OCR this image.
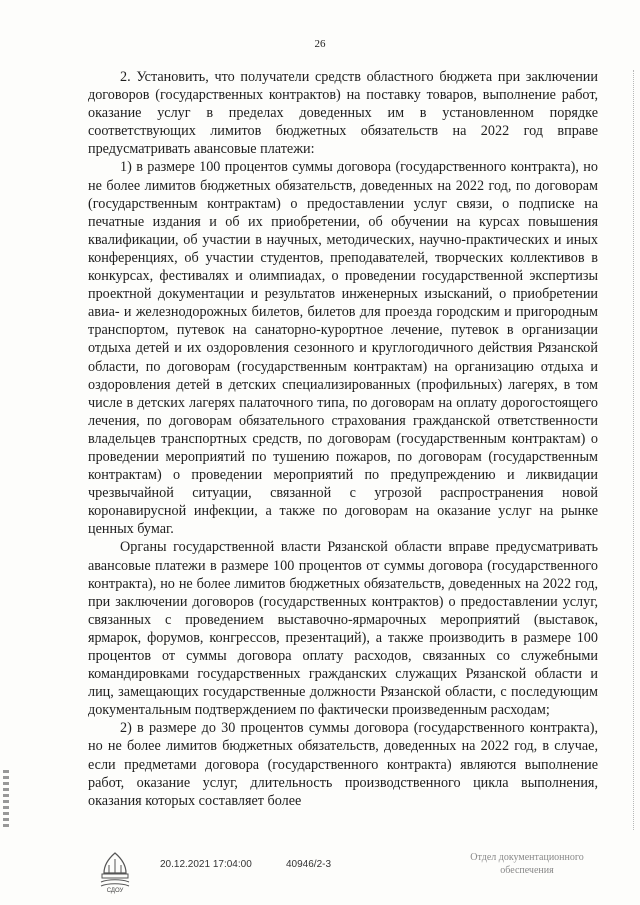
26

2. Установить, что получатели средств областного бюджета при заключении договоров (государственных контрактов) на поставку товаров, выполнение работ, оказание услуг в пределах доведенных им в установленном порядке соответствующих лимитов бюджетных обязательств на 2022 год вправе предусматривать авансовые платежи:

1) в размере 100 процентов суммы договора (государственного контракта), но не более лимитов бюджетных обязательств, доведенных на 2022 год, по договорам (государственным контрактам) о предоставлении услуг связи, о подписке на печатные издания и об их приобретении, об обучении на курсах повышения квалификации, об участии в научных, методических, научно-практических и иных конференциях, об участии студентов, преподавателей, творческих коллективов в конкурсах, фестивалях и олимпиадах, о проведении государственной экспертизы проектной документации и результатов инженерных изысканий, о приобретении авиа- и железнодорожных билетов, билетов для проезда городским и пригородным транспортом, путевок на санаторно-курортное лечение, путевок в организации отдыха детей и их оздоровления сезонного и круглогодичного действия Рязанской области, по договорам (государственным контрактам) на организацию отдыха и оздоровления детей в детских специализированных (профильных) лагерях, в том числе в детских лагерях палаточного типа, по договорам на оплату дорогостоящего лечения, по договорам обязательного страхования гражданской ответственности владельцев транспортных средств, по договорам (государственным контрактам) о проведении мероприятий по тушению пожаров, по договорам (государственным контрактам) о проведении мероприятий по предупреждению и ликвидации чрезвычайной ситуации, связанной с угрозой распространения новой коронавирусной инфекции, а также по договорам на оказание услуг на рынке ценных бумаг.

Органы государственной власти Рязанской области вправе предусматривать авансовые платежи в размере 100 процентов от суммы договора (государственного контракта), но не более лимитов бюджетных обязательств, доведенных на 2022 год, при заключении договоров (государственных контрактов) о предоставлении услуг, связанных с проведением выставочно-ярмарочных мероприятий (выставок, ярмарок, форумов, конгрессов, презентаций), а также производить в размере 100 процентов от суммы договора оплату расходов, связанных со служебными командировками государственных гражданских служащих Рязанской области и лиц, замещающих государственные должности Рязанской области, с последующим документальным подтверждением по фактически произведенным расходам;

2) в размере до 30 процентов суммы договора (государственного контракта), но не более лимитов бюджетных обязательств, доведенных на 2022 год, в случае, если предметами договора (государственного контракта) являются выполнение работ, оказание услуг, длительность производственного цикла выполнения, оказания которых составляет более

СДОУ
20.12.2021 17:04:00	40946/2-3
Отдел документационного
обеспечения
